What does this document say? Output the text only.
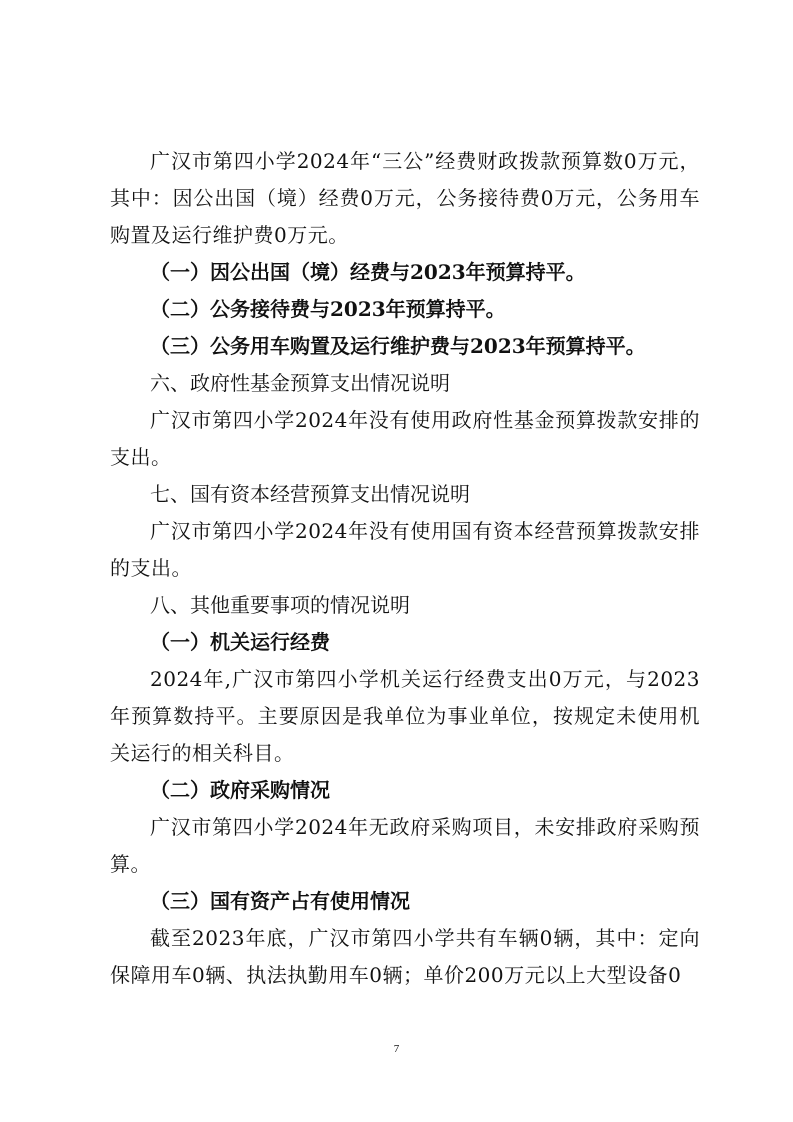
广汉市第四小学2024年“三公”经费财政拨款预算数0万元，其中：因公出国（境）经费0万元，公务接待费0万元，公务用车购置及运行维护费0万元。

（一）因公出国（境）经费与2023年预算持平。

（二）公务接待费与2023年预算持平。

（三）公务用车购置及运行维护费与2023年预算持平。

六、政府性基金预算支出情况说明

广汉市第四小学2024年没有使用政府性基金预算拨款安排的支出。

七、国有资本经营预算支出情况说明

广汉市第四小学2024年没有使用国有资本经营预算拨款安排的支出。

八、其他重要事项的情况说明

（一）机关运行经费

2024年,广汉市第四小学机关运行经费支出0万元，与2023年预算数持平。主要原因是我单位为事业单位，按规定未使用机关运行的相关科目。

（二）政府采购情况

广汉市第四小学2024年无政府采购项目，未安排政府采购预算。

（三）国有资产占有使用情况

截至2023年底，广汉市第四小学共有车辆0辆，其中：定向保障用车0辆、执法执勤用车0辆；单价200万元以上大型设备0

7
